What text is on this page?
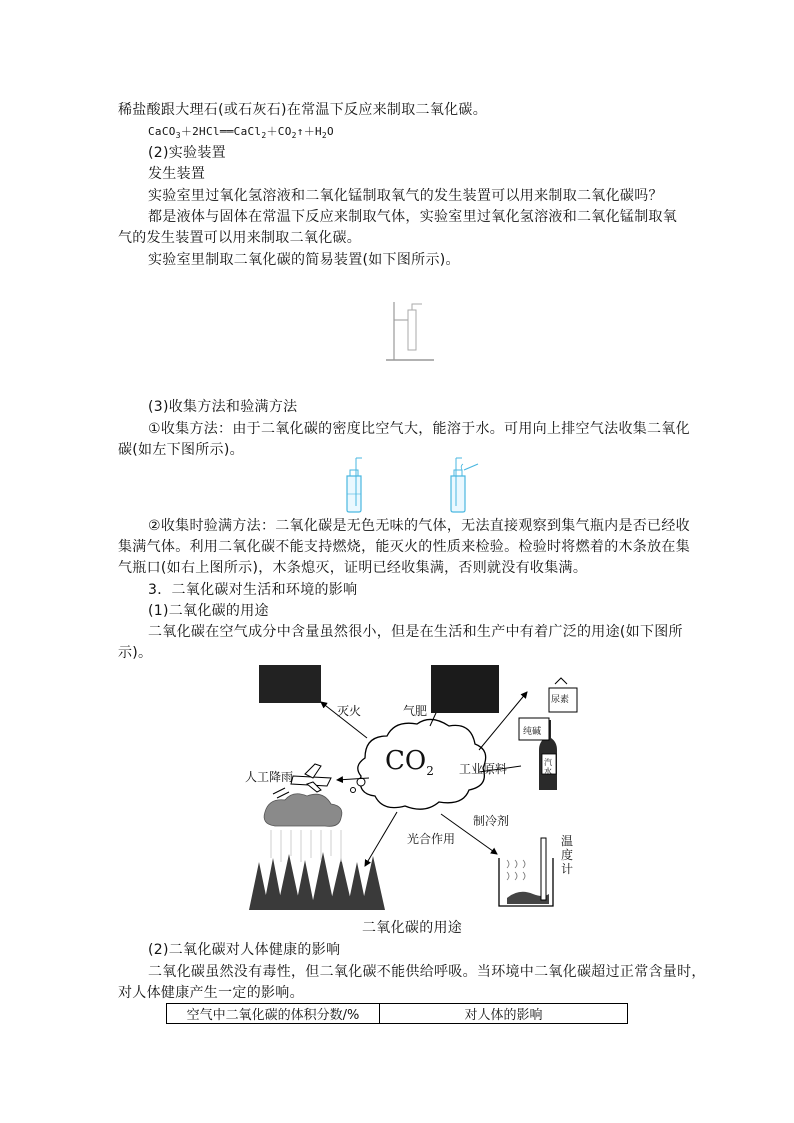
稀盐酸跟大理石(或石灰石)在常温下反应来制取二氧化碳。
$CaCO_3+2HCl══CaCl_2+CO_2↑+H_2O$
(2)实验装置
发生装置
实验室里过氧化氢溶液和二氧化锰制取氧气的发生装置可以用来制取二氧化碳吗？
都是液体与固体在常温下反应来制取气体，实验室里过氧化氢溶液和二氧化锰制取氧
气的发生装置可以用来制取二氧化碳。
实验室里制取二氧化碳的简易装置(如下图所示)。
(3)收集方法和验满方法
①收集方法：由于二氧化碳的密度比空气大，能溶于水。可用向上排空气法收集二氧化
碳(如左下图所示)。
②收集时验满方法：二氧化碳是无色无味的气体，无法直接观察到集气瓶内是否已经收
集满气体。利用二氧化碳不能支持燃烧，能灭火的性质来检验。检验时将燃着的木条放在集
气瓶口(如右上图所示)，木条熄灭，证明已经收集满，否则就没有收集满。
3．二氧化碳对生活和环境的影响
(1)二氧化碳的用途
二氧化碳在空气成分中含量虽然很小，但是在生活和生产中有着广泛的用途(如下图所
示)。
$CO_2$
灭火	气肥
人工降雨
工业原料
制冷剂
光合作用	温度计
尿素
纯碱
汽水
二氧化碳的用途
(2)二氧化碳对人体健康的影响
二氧化碳虽然没有毒性，但二氧化碳不能供给呼吸。当环境中二氧化碳超过正常含量时，
对人体健康产生一定的影响。
空气中二氧化碳的体积分数/%	对人体的影响
